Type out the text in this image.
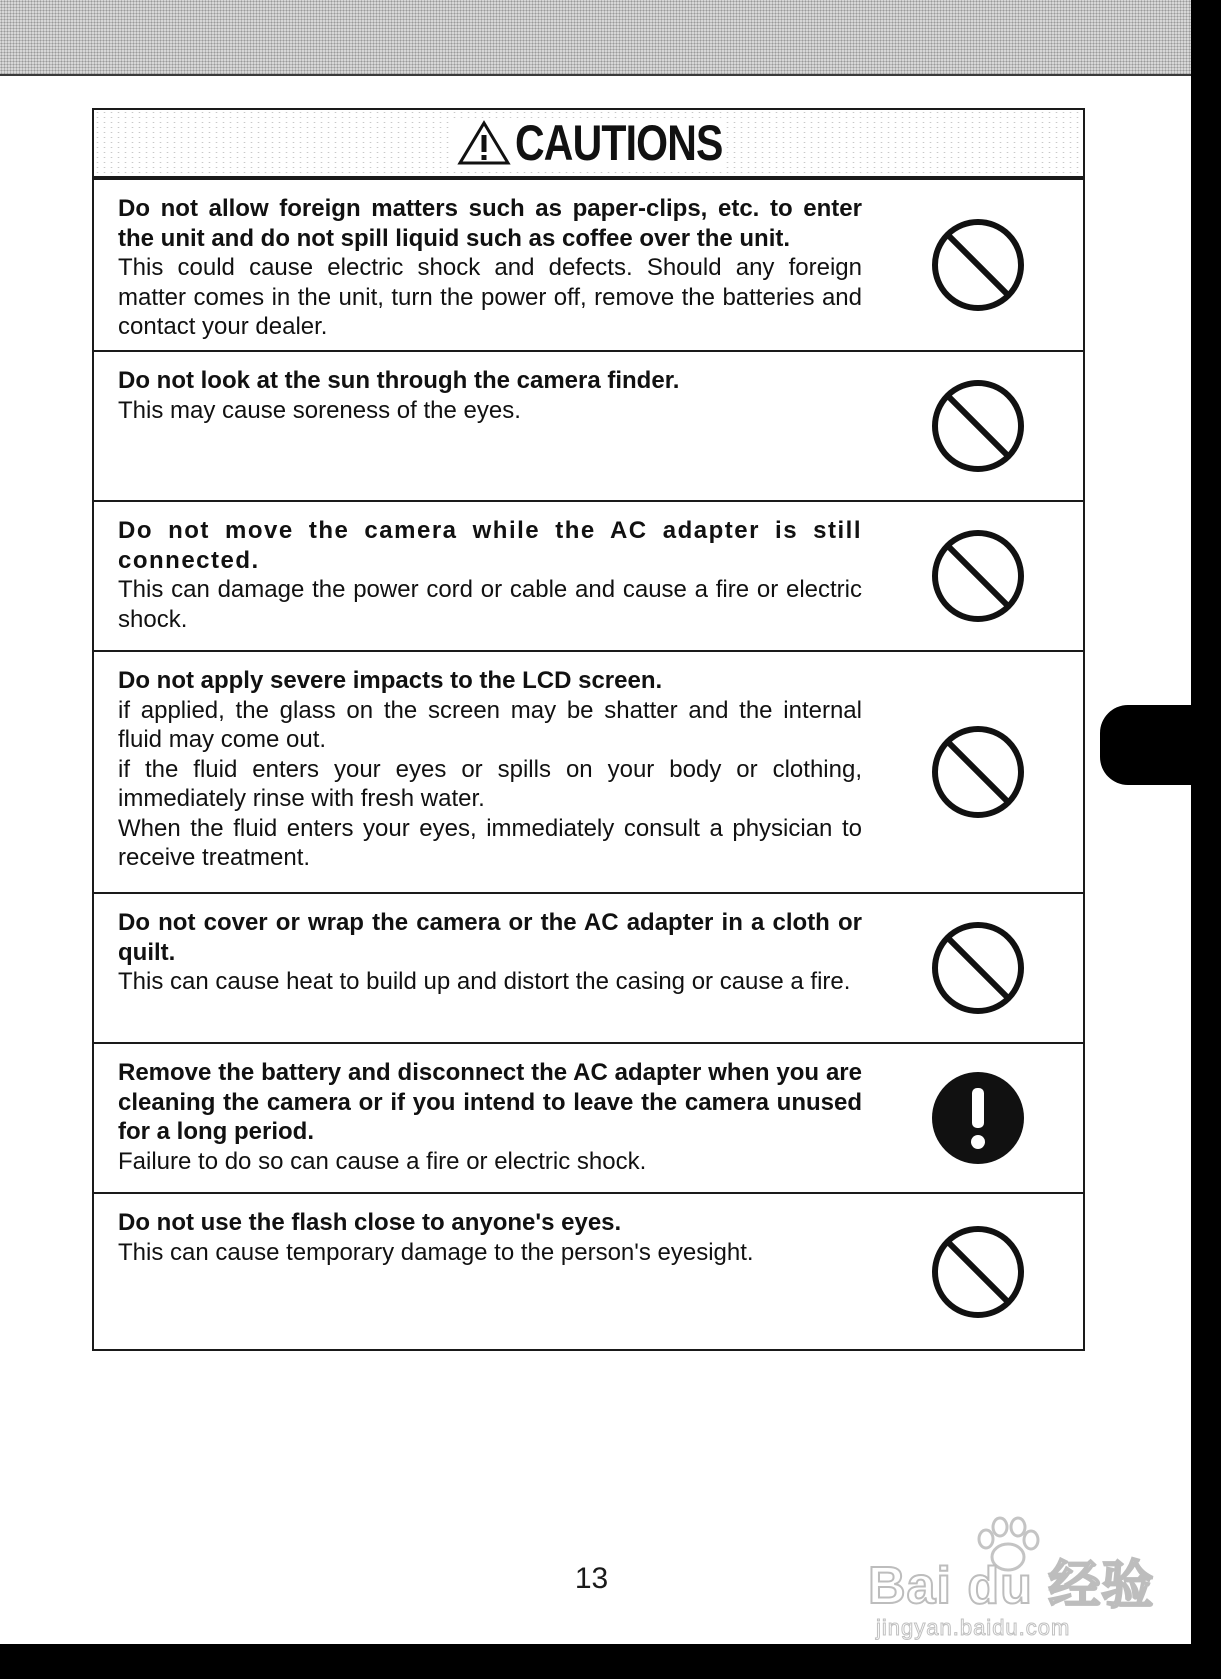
CAUTIONS

Do not allow foreign matters such as paper-clips, etc. to enter the unit and do not spill liquid such as coffee over the unit.

This could cause electric shock and defects. Should any foreign matter comes in the unit, turn the power off, remove the batteries and contact your dealer.

Do not look at the sun through the camera finder.

This may cause soreness of the eyes.

Do not move the camera while the AC adapter is still connected.

This can damage the power cord or cable and cause a fire or electric shock.

Do not apply severe impacts to the LCD screen.

if applied, the glass on the screen may be shatter and the internal fluid may come out.
if the fluid enters your eyes or spills on your body or clothing, immediately rinse with fresh water.
When the fluid enters your eyes, immediately consult a physician to receive treatment.

Do not cover or wrap the camera or the AC adapter in a cloth or quilt.

This can cause heat to build up and distort the casing or cause a fire.

Remove the battery and disconnect the AC adapter when you are cleaning the camera or if you intend to leave the camera unused for a long period.

Failure to do so can cause a fire or electric shock.

Do not use the flash close to anyone's eyes.

This can cause temporary damage to the person's eyesight.

13	Bai du 经验
jingyan.baidu.com
